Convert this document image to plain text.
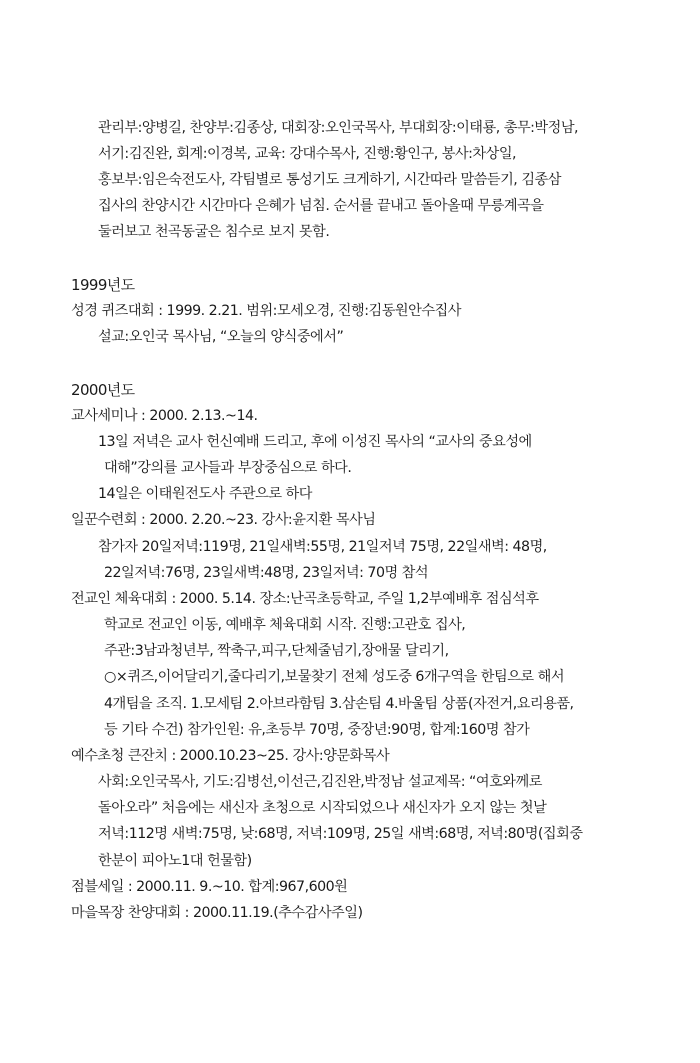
관리부:양병길, 찬양부:김종상, 대회장:오인국목사, 부대회장:이태룡, 총무:박정남,
서기:김진완, 회계:이경복, 교육: 강대수목사, 진행:황인구, 봉사:차상일,
홍보부:임은숙전도사, 각팀별로 통성기도 크게하기, 시간따라 말씀듣기, 김종삼
집사의 찬양시간 시간마다 은혜가 넘침. 순서를 끝내고 돌아올때 무릉계곡을
둘러보고 천곡동굴은 침수로 보지 못함.
1999년도
성경 퀴즈대회 : 1999. 2.21. 범위:모세오경, 진행:김동원안수집사
설교:오인국 목사님, “오늘의 양식중에서”
2000년도
교사세미나 : 2000. 2.13.~14.
13일 저녁은 교사 헌신예배 드리고, 후에 이성진 목사의 “교사의 중요성에
대해”강의를 교사들과 부장중심으로 하다.
14일은 이태원전도사 주관으로 하다
일꾼수련회 : 2000. 2.20.~23. 강사:윤지환 목사님
참가자 20일저녁:119명, 21일새벽:55명, 21일저녁 75명, 22일새벽: 48명,
22일저녁:76명, 23일새벽:48명, 23일저녁: 70명 참석
전교인 체육대회 : 2000. 5.14. 장소:난곡초등학교, 주일 1,2부예배후 점심석후
학교로 전교인 이동, 예배후 체육대회 시작. 진행:고관호 집사,
주관:3남과청년부, 짝축구,피구,단체줄넘기,장애물 달리기,
○×퀴즈,이어달리기,줄다리기,보물찾기 전체 성도중 6개구역을 한팀으로 해서
4개팀을 조직. 1.모세팀 2.아브라함팀 3.삼손팀 4.바울팀 상품(자전거,요리용품,
등 기타 수건) 참가인원: 유,초등부 70명, 중장년:90명, 합계:160명 참가
예수초청 큰잔치 : 2000.10.23~25. 강사:양문화목사
사회:오인국목사, 기도:김병선,이선근,김진완,박정남 설교제목: “여호와께로
돌아오라” 처음에는 새신자 초청으로 시작되었으나 새신자가 오지 않는 첫날
저녁:112명 새벽:75명, 낮:68명, 저녁:109명, 25일 새벽:68명, 저녁:80명(집회중
한분이 피아노1대 헌물함)
점블세일 : 2000.11. 9.~10. 합계:967,600원
마을목장 찬양대회 : 2000.11.19.(추수감사주일)
